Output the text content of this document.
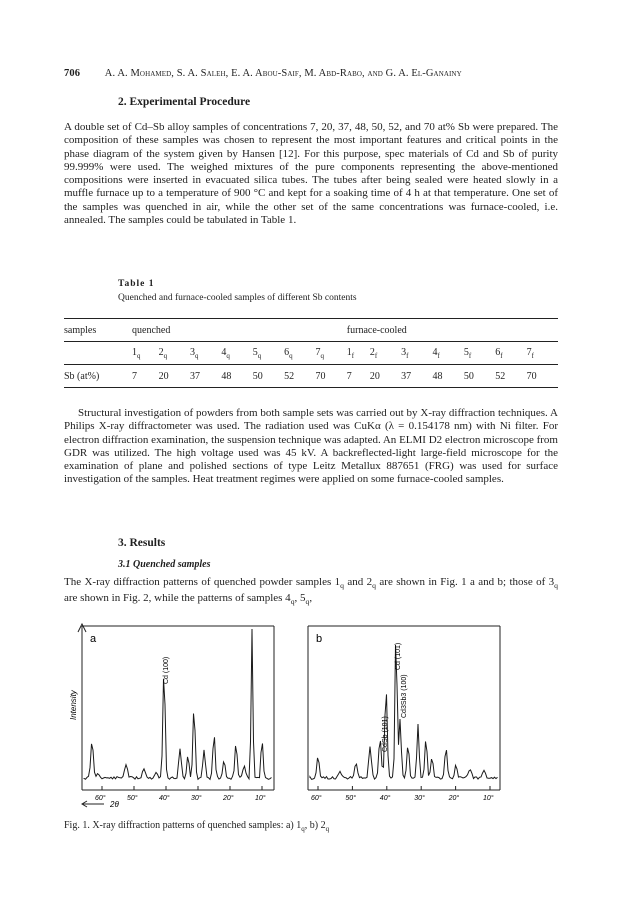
706 A. A. Mohamed, S. A. Saleh, E. A. Abou-Saif, M. Abd-Rabo, and G. A. El-Ganainy
2. Experimental Procedure
A double set of Cd–Sb alloy samples of concentrations 7, 20, 37, 48, 50, 52, and 70 at% Sb were prepared. The composition of these samples was chosen to represent the most important features and critical points in the phase diagram of the system given by Hansen [12]. For this purpose, spec materials of Cd and Sb of purity 99.999% were used. The weighed mixtures of the pure components representing the above-mentioned compositions were inserted in evacuated silica tubes. The tubes after being sealed were heated slowly in a muffle furnace up to a temperature of 900 °C and kept for a soaking time of 4 h at that temperature. One set of the samples was quenched in air, while the other set of the same concentrations was furnace-cooled, i.e. annealed. The samples could be tabulated in Table 1.
Table 1
Quenched and furnace-cooled samples of different Sb contents
samples	quenched							furnace-cooled						
	$1_q$	$2_q$	$3_q$	$4_q$	$5_q$	$6_q$	$7_q$	$1_f$	$2_f$	$3_f$	$4_f$	$5_f$	$6_f$	$7_f$
Sb (at%)	7	20	37	48	50	52	70	7	20	37	48	50	52	70
Structural investigation of powders from both sample sets was carried out by X-ray diffraction techniques. A Philips X-ray diffractometer was used. The radiation used was CuKα (λ = 0.154178 nm) with Ni filter. For electron diffraction examination, the suspension technique was adapted. An ELMI D2 electron microscope from GDR was utilized. The high voltage used was 45 kV. A backreflected-light large-field microscope for the examination of plane and polished sections of type Leitz Metallux 887651 (FRG) was used for surface investigation of the samples. Heat treatment regimes were applied on some furnace-cooled samples.
3. Results
3.1 Quenched samples
The X-ray diffraction patterns of quenched powder samples $1_q$ and $2_q$ are shown in Fig. 1 a and b; those of $3_q$ are shown in Fig. 2, while the patterns of samples $4_q$, $5_q$,
a
Intensity
Cd (100)
60°	50°	40°	30°	20°	10°
2θ
b
Cd (101)
CdSb (101)
Cd3Sb3 (100)
60°	50°	40°	30°	20°	10°
Fig. 1. X-ray diffraction patterns of quenched samples: a) $1_q$, b) $2_q$
